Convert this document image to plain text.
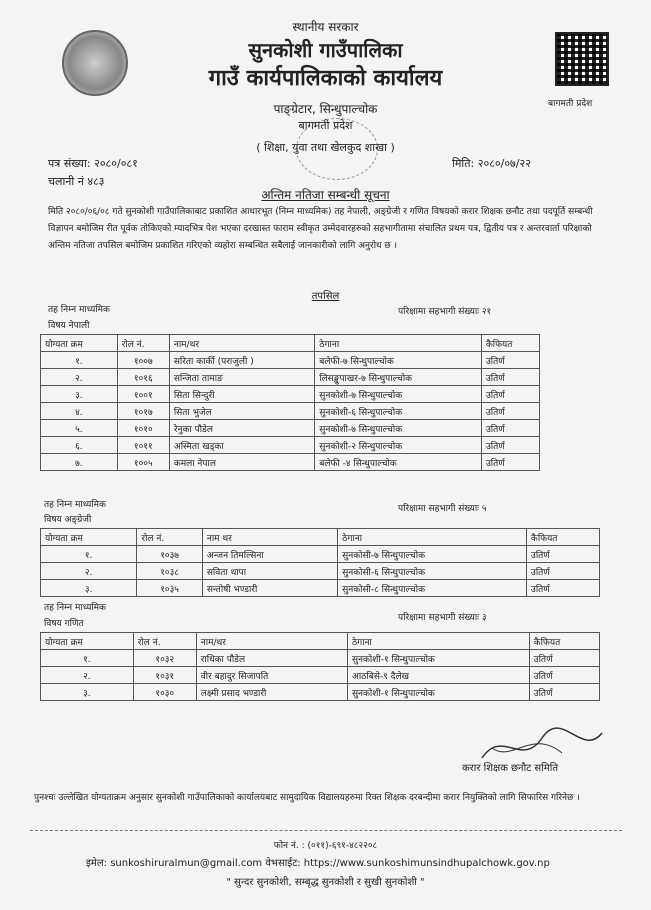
स्थानीय सरकार
सुनकोशी गाउँपालिका
गाउँ कार्यपालिकाको कार्यालय
पाङ्ग्रेटार, सिन्धुपाल्चोक
बागमती प्रदेश
( शिक्षा, युवा तथा खेलकुद शाखा )
बागमती प्रदेश
पत्र संख्या: २०८०/०८१
चलानी नं ४८३
मिति: २०८०/०७/२२
अन्तिम नतिजा सम्बन्धी सूचना
मिति २०८०/०६/०८ गते सुनकोशी गाउँपालिकाबाट प्रकाशित आधारभूत (निम्न माध्यमिक) तह नेपाली, अङ्ग्रेजी र गणित विषयको करार शिक्षक छनौट तथा पदपूर्ति सम्बन्धी विज्ञापन बमोजिम रीत पूर्वक तोकिएको म्यादभित्र पेश भएका दरखास्त फाराम स्वीकृत उम्मेदवारहरुको सहभागीतामा संचालित प्रथम पत्र, द्वितीय पत्र र अन्तरवार्ता परिक्षाको अन्तिम नतिजा तपसिल बमोजिम प्रकाशित गरिएको व्यहोरा सम्बन्धित सबैलाई जानकारीको लागि अनुरोध छ ।
तपसिल
तह निम्न माध्यमिक
विषय नेपाली
परिक्षामा सहभागी संख्याः २१
योग्यता क्रम	रोल नं.	नाम/थर	ठेगाना	कैफियत
१.	१००७	सरिता कार्की (पराजुली )	बलेफी-७ सिन्धुपाल्चोक	उतिर्ण
२.	१०१६	सन्जिता तामाङ	लिसङ्खुपाखर-७ सिन्धुपाल्चोक	उतिर्ण
३.	१००१	सिता सिन्दुरी	सुनकोशी-७ सिन्धुपाल्चोक	उतिर्ण
४.	१०१७	सिता भुजेल	सुनकोशी-६ सिन्धुपाल्चोक	उतिर्ण
५.	१०१०	रेनुका पौडेल	सुनकोशी-७ सिन्धुपाल्चोक	उतिर्ण
६.	१०११	अस्मिता खड्का	सुनकोशी-२ सिन्धुपाल्चोक	उतिर्ण
७.	१००५	कमला नेपाल	बलेफी -४ सिन्धुपाल्चोक	उतिर्ण
तह निम्न माध्यमिक
विषय अङ्ग्रेजी
परिक्षामा सहभागी संख्याः ५
योग्यता क्रम	रोल नं.	नाम थर	ठेगाना	कैफियत
१.	१०३७	अन्जन तिमल्सिना	सुनकोसी-७ सिन्धुपाल्चोक	उतिर्ण
२.	१०३८	सविता थापा	सुनकोसी-६ सिन्धुपाल्चोक	उतिर्ण
३.	१०३५	सन्तोषी भण्डारी	सुनकोसी-८ सिन्धुपाल्चोक	उतिर्ण
तह निम्न माध्यमिक
विषय गणित
परिक्षामा सहभागी संख्याः ३
योग्यता क्रम	रोल नं.	नाम/थर	ठेगाना	कैफियत
१.	१०३२	राधिका पौडेल	सुनकोशी-१ सिन्धुपाल्चोक	उतिर्ण
२.	१०३१	वीर बहादुर सिजापति	आठबिसे-९ दैलेख	उतिर्ण
३.	१०३०	लक्ष्मी प्रसाद भण्डारी	सुनकोशी-१ सिन्धुपाल्चोक	उतिर्ण
करार शिक्षक छनौट समिति
पुनश्चः उल्लेखित योग्यताक्रम अनुसार सुनकोशी गाउँपालिकाको कार्यालयबाट सामुदायिक विद्यालयहरुमा रिक्त शिक्षक दरबन्दीमा करार नियुक्तिको लागि सिफारिस गरिनेछ ।
फोन नं. : (०११)-६९१-४८२२०८
इमेल: sunkoshiruralmun@gmail.com वेभसाईट: https://www.sunkoshimunsindhupalchowk.gov.np
" सुन्दर सुनकोशी, सम्बृद्ध सुनकोशी र सुखी सुनकोशी "
